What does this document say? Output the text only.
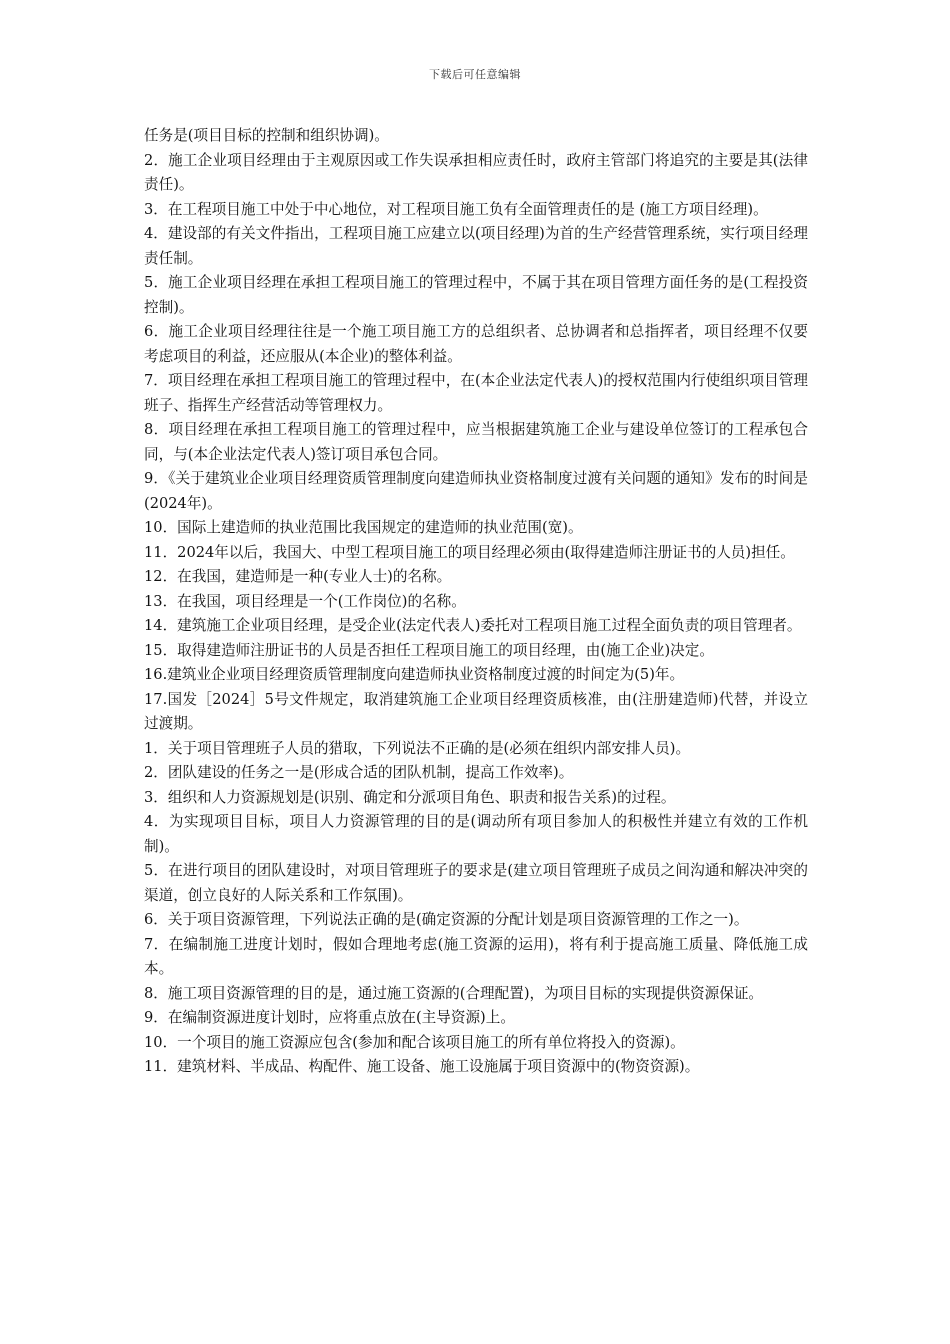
下载后可任意编辑

任务是(项目目标的控制和组织协调)。

2．施工企业项目经理由于主观原因或工作失误承担相应责任时，政府主管部门将追究的主要是其(法律责任)。

3．在工程项目施工中处于中心地位，对工程项目施工负有全面管理责任的是 (施工方项目经理)。

4．建设部的有关文件指出，工程项目施工应建立以(项目经理)为首的生产经营管理系统，实行项目经理责任制。

5．施工企业项目经理在承担工程项目施工的管理过程中，不属于其在项目管理方面任务的是(工程投资控制)。

6．施工企业项目经理往往是一个施工项目施工方的总组织者、总协调者和总指挥者，项目经理不仅要考虑项目的利益，还应服从(本企业)的整体利益。

7．项目经理在承担工程项目施工的管理过程中，在(本企业法定代表人)的授权范围内行使组织项目管理班子、指挥生产经营活动等管理权力。

8．项目经理在承担工程项目施工的管理过程中，应当根据建筑施工企业与建设单位签订的工程承包合同，与(本企业法定代表人)签订项目承包合同。

9．《关于建筑业企业项目经理资质管理制度向建造师执业资格制度过渡有关问题的通知》发布的时间是(2024年)。

10．国际上建造师的执业范围比我国规定的建造师的执业范围(宽)。

11．2024年以后，我国大、中型工程项目施工的项目经理必须由(取得建造师注册证书的人员)担任。

12．在我国，建造师是一种(专业人士)的名称。

13．在我国，项目经理是一个(工作岗位)的名称。

14．建筑施工企业项目经理，是受企业(法定代表人)委托对工程项目施工过程全面负责的项目管理者。

15．取得建造师注册证书的人员是否担任工程项目施工的项目经理，由(施工企业)决定。

16.建筑业企业项目经理资质管理制度向建造师执业资格制度过渡的时间定为(5)年。

17.国发［2024］5号文件规定，取消建筑施工企业项目经理资质核准，由(注册建造师)代替，并设立过渡期。

1．关于项目管理班子人员的猎取，下列说法不正确的是(必须在组织内部安排人员)。

2．团队建设的任务之一是(形成合适的团队机制，提高工作效率)。

3．组织和人力资源规划是(识别、确定和分派项目角色、职责和报告关系)的过程。

4．为实现项目目标，项目人力资源管理的目的是(调动所有项目参加人的积极性并建立有效的工作机制)。

5．在进行项目的团队建设时，对项目管理班子的要求是(建立项目管理班子成员之间沟通和解决冲突的渠道，创立良好的人际关系和工作氛围)。

6．关于项目资源管理，下列说法正确的是(确定资源的分配计划是项目资源管理的工作之一)。

7．在编制施工进度计划时，假如合理地考虑(施工资源的运用)，将有利于提高施工质量、降低施工成本。

8．施工项目资源管理的目的是，通过施工资源的(合理配置)，为项目目标的实现提供资源保证。

9．在编制资源进度计划时，应将重点放在(主导资源)上。

10．一个项目的施工资源应包含(参加和配合该项目施工的所有单位将投入的资源)。

11．建筑材料、半成品、构配件、施工设备、施工设施属于项目资源中的(物资资源)。
